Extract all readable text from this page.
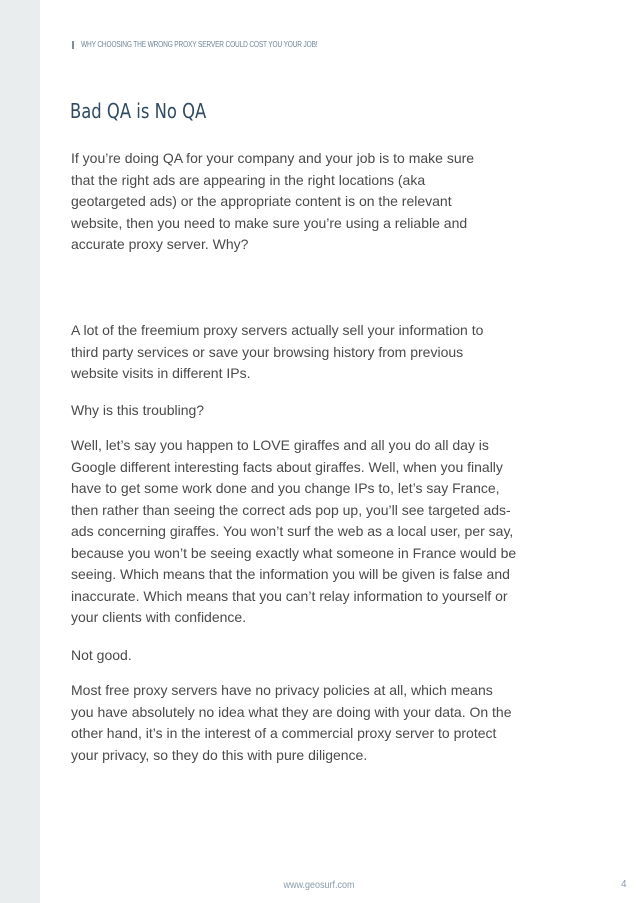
WHY CHOOSING THE WRONG PROXY SERVER COULD COST YOU YOUR JOB!
Bad QA is No QA

If you’re doing QA for your company and your job is to make sure
that the right ads are appearing in the right locations (aka
geotargeted ads) or the appropriate content is on the relevant
website, then you need to make sure you’re using a reliable and
accurate proxy server. Why?

A lot of the freemium proxy servers actually sell your information to
third party services or save your browsing history from previous
website visits in different IPs.

Why is this troubling?

Well, let’s say you happen to LOVE giraffes and all you do all day is
Google different interesting facts about giraffes. Well, when you finally
have to get some work done and you change IPs to, let’s say France,
then rather than seeing the correct ads pop up, you’ll see targeted ads-
ads concerning giraffes. You won’t surf the web as a local user, per say,
because you won’t be seeing exactly what someone in France would be
seeing. Which means that the information you will be given is false and
inaccurate. Which means that you can’t relay information to yourself or
your clients with confidence.

Not good.

Most free proxy servers have no privacy policies at all, which means
you have absolutely no idea what they are doing with your data. On the
other hand, it’s in the interest of a commercial proxy server to protect
your privacy, so they do this with pure diligence.

www.geosurf.com	4
